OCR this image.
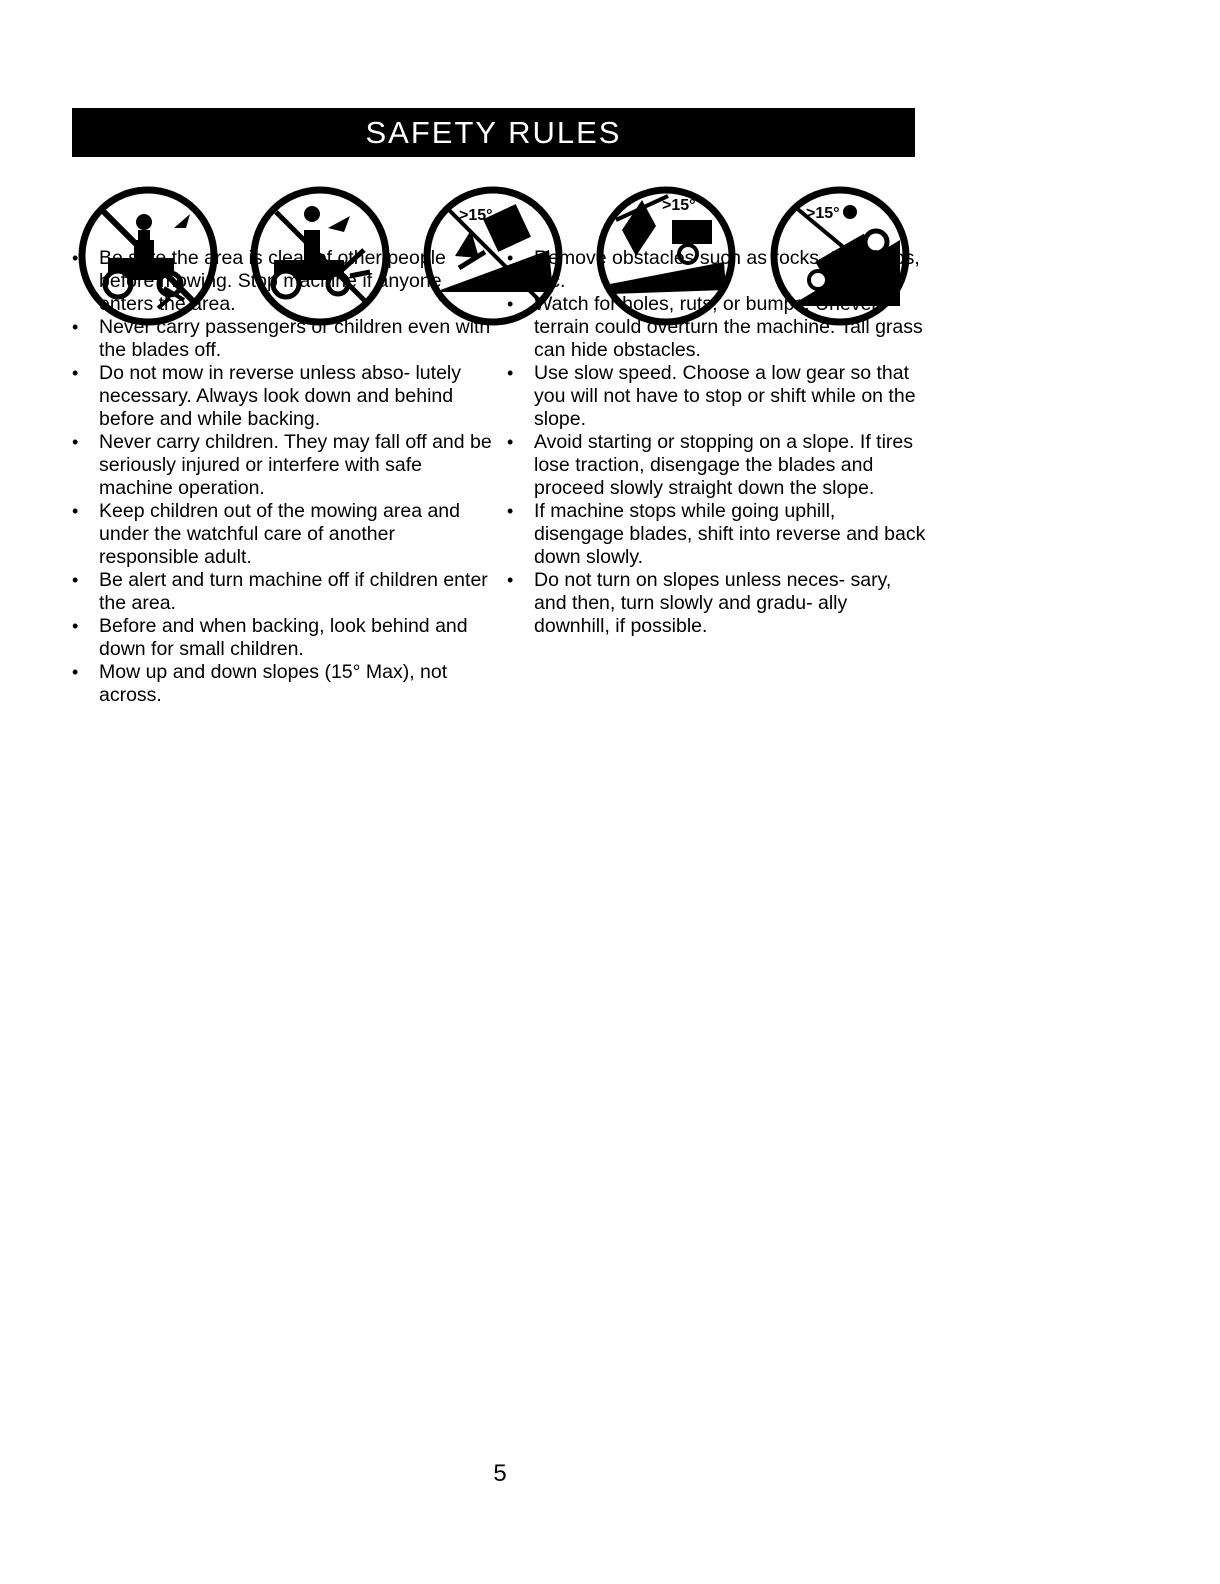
SAFETY RULES
>15°
>15°	>15°
• Be sure the area is clear of other people before mowing. Stop machine if anyone enters the area.
• Never carry passengers or children even with the blades off.
• Do not mow in reverse unless abso- lutely necessary. Always look down and behind before and while backing.
• Never carry children. They may fall off and be seriously injured or interfere with safe machine operation.
• Keep children out of the mowing area and under the watchful care of another responsible adult.
• Be alert and turn machine off if children enter the area.
• Before and when backing, look behind and down for small children.
• Mow up and down slopes (15° Max), not across.
• Remove obstacles such as rocks, tree limbs, etc.
• Watch for holes, ruts, or bumps. Uneven terrain could overturn the machine. Tall grass can hide obstacles.
• Use slow speed. Choose a low gear so that you will not have to stop or shift while on the slope.
• Avoid starting or stopping on a slope. If tires lose traction, disengage the blades and proceed slowly straight down the slope.
• If machine stops while going uphill, disengage blades, shift into reverse and back down slowly.
• Do not turn on slopes unless neces- sary, and then, turn slowly and gradu- ally downhill, if possible.
5
